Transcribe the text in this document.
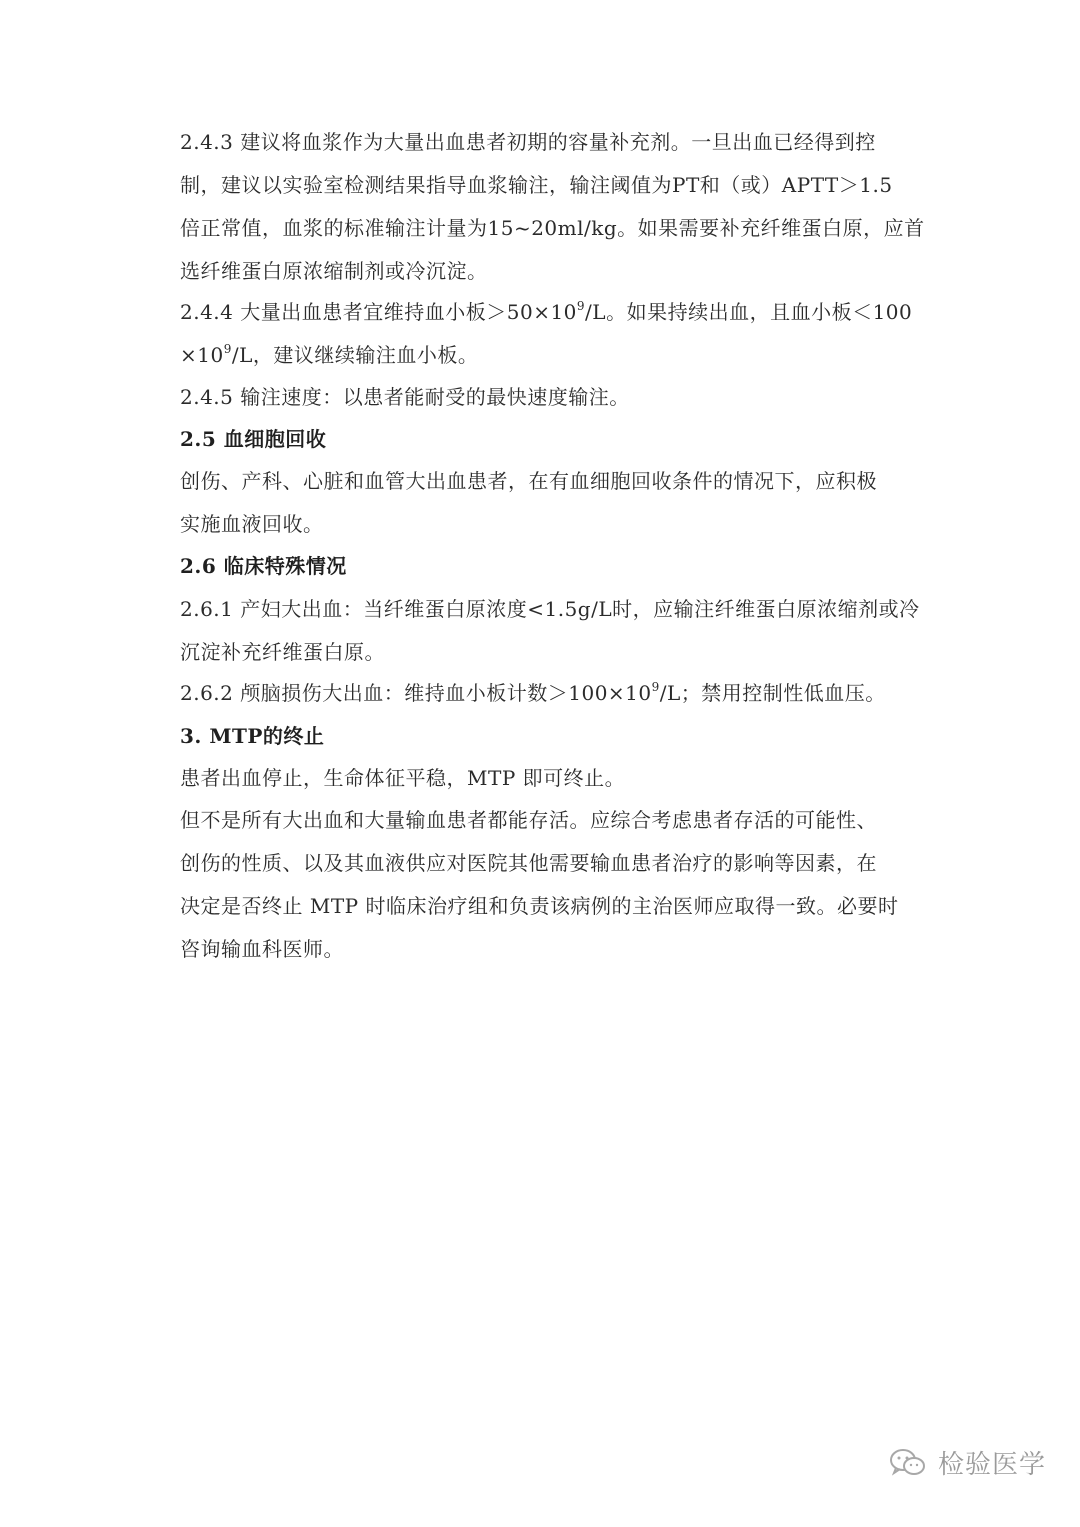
2.4.3 建议将血浆作为大量出血患者初期的容量补充剂。一旦出血已经得到控
制，建议以实验室检测结果指导血浆输注，输注阈值为PT和（或）APTT＞1.5
倍正常值，血浆的标准输注计量为15~20ml/kg。如果需要补充纤维蛋白原，应首
选纤维蛋白原浓缩制剂或冷沉淀。
2.4.4 大量出血患者宜维持血小板$>50\times 10^9/L$。如果持续出血，且血小板＜100
$\times 10^9/L$，建议继续输注血小板。
2.4.5 输注速度：以患者能耐受的最快速度输注。
2.5 血细胞回收
创伤、产科、心脏和血管大出血患者，在有血细胞回收条件的情况下，应积极
实施血液回收。
2.6 临床特殊情况
2.6.1 产妇大出血：当纤维蛋白原浓度<1.5g/L时，应输注纤维蛋白原浓缩剂或冷
沉淀补充纤维蛋白原。
2.6.2 颅脑损伤大出血：维持血小板计数$>100\times 10^9/L$；禁用控制性低血压。
3. MTP的终止
患者出血停止，生命体征平稳，MTP 即可终止。
但不是所有大出血和大量输血患者都能存活。应综合考虑患者存活的可能性、
创伤的性质、以及其血液供应对医院其他需要输血患者治疗的影响等因素，在
决定是否终止 MTP 时临床治疗组和负责该病例的主治医师应取得一致。必要时
咨询输血科医师。
检验医学
